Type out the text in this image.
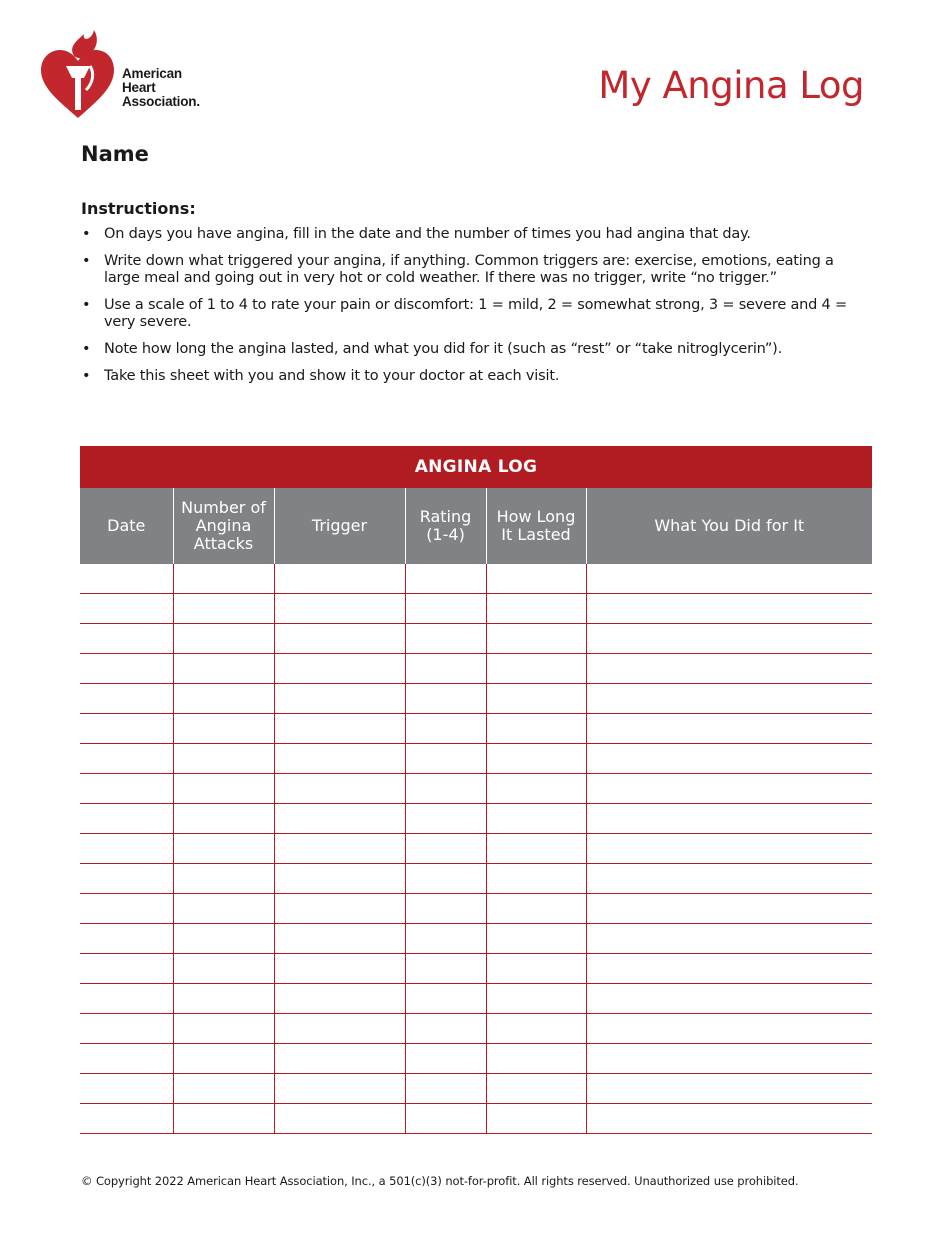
American
Heart
Association.	My Angina Log
Name
Instructions:
• On days you have angina, fill in the date and the number of times you had angina that day.
• Write down what triggered your angina, if anything. Common triggers are: exercise, emotions, eating a large meal and going out in very hot or cold weather. If there was no trigger, write “no trigger.”
• Use a scale of 1 to 4 to rate your pain or discomfort: 1 = mild, 2 = somewhat strong, 3 = severe and 4 = very severe.
• Note how long the angina lasted, and what you did for it (such as “rest” or “take nitroglycerin”).
• Take this sheet with you and show it to your doctor at each visit.
ANGINA LOG
Date	Number of Angina Attacks	Trigger	Rating (1-4)	How Long It Lasted	What You Did for It

© Copyright 2022 American Heart Association, Inc., a 501(c)(3) not-for-profit. All rights reserved. Unauthorized use prohibited.
